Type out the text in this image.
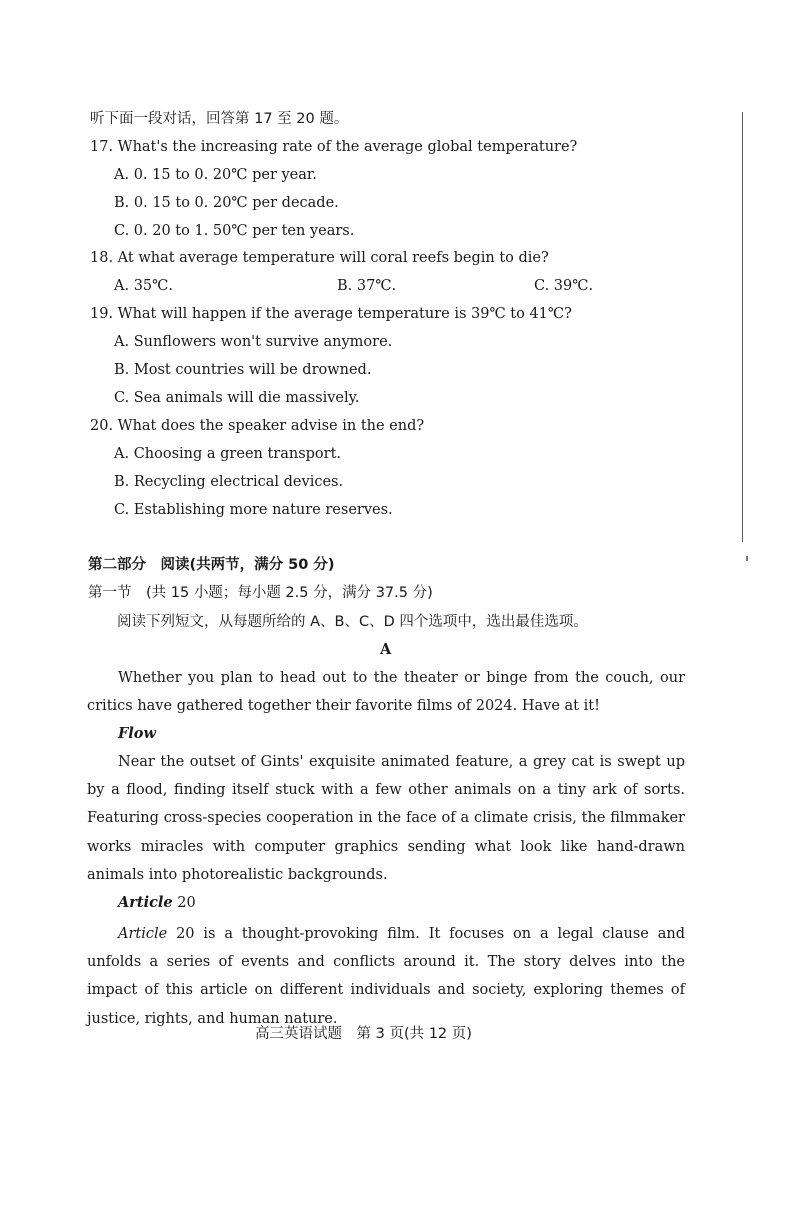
听下面一段对话，回答第 17 至 20 题。
17. What's the increasing rate of the average global temperature?
A. 0. 15 to 0. 20℃ per year.
B. 0. 15 to 0. 20℃ per decade.
C. 0. 20 to 1. 50℃ per ten years.
18. At what average temperature will coral reefs begin to die?
A. 35℃.	B. 37℃.	C. 39℃.
19. What will happen if the average temperature is 39℃ to 41℃?
A. Sunflowers won't survive anymore.
B. Most countries will be drowned.
C. Sea animals will die massively.
20. What does the speaker advise in the end?
A. Choosing a green transport.
B. Recycling electrical devices.
C. Establishing more nature reserves.
第二部分　阅读(共两节，满分 50 分)
第一节　(共 15 小题；每小题 2.5 分，满分 37.5 分)
阅读下列短文，从每题所给的 A、B、C、D 四个选项中，选出最佳选项。
A
Whether you plan to head out to the theater or binge from the couch, our critics have gathered together their favorite films of 2024. Have at it!
Flow
Near the outset of Gints' exquisite animated feature, a grey cat is swept up by a flood, finding itself stuck with a few other animals on a tiny ark of sorts. Featuring cross-species cooperation in the face of a climate crisis, the filmmaker works miracles with computer graphics sending what look like hand-drawn animals into photorealistic backgrounds.
Article 20
Article 20 is a thought-provoking film. It focuses on a legal clause and unfolds a series of events and conflicts around it. The story delves into the impact of this article on different individuals and society, exploring themes of justice, rights, and human nature.
高三英语试题　第 3 页(共 12 页)
